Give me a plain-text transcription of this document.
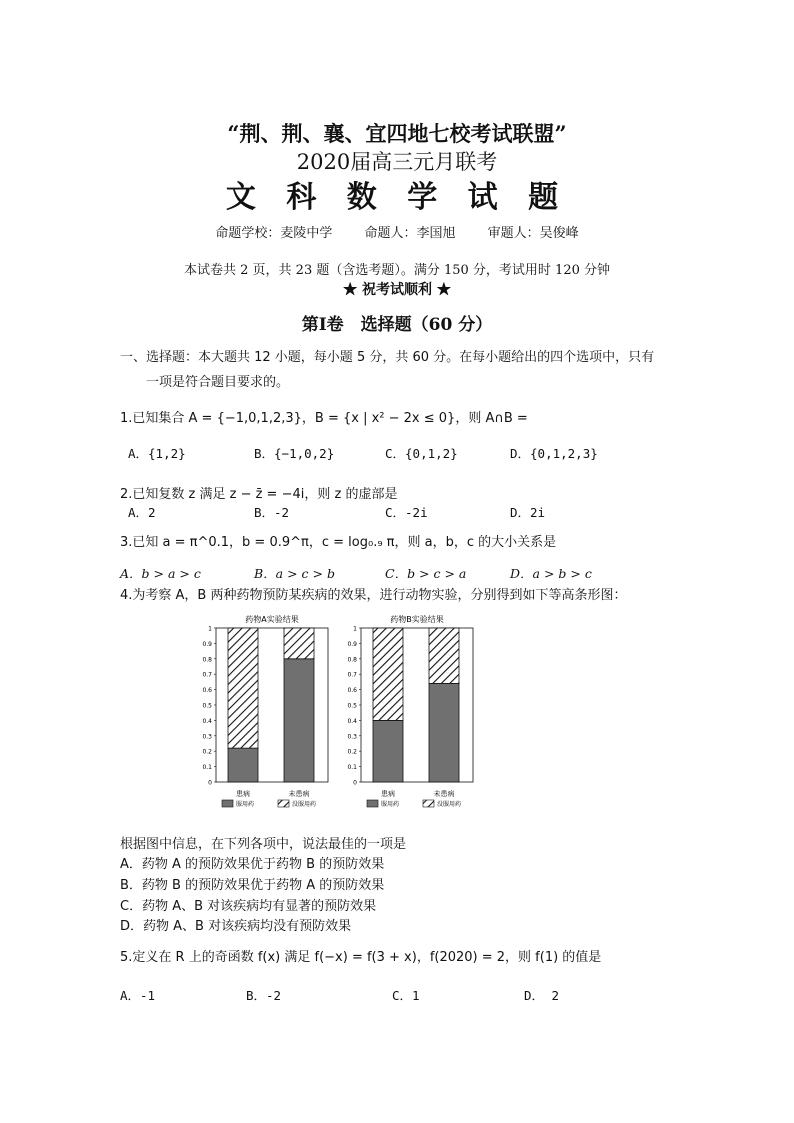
“荆、荆、襄、宜四地七校考试联盟”
2020届高三元月联考
文 科 数 学 试 题
命题学校：麦陵中学 命题人：李国旭 审题人：吴俊峰
本试卷共 2 页，共 23 题（含选考题）。满分 150 分，考试用时 120 分钟
★ 祝考试顺利 ★
第Ⅰ卷　选择题（60 分）
一、选择题：本大题共 12 小题，每小题 5 分，共 60 分。在每小题给出的四个选项中，只有
一项是符合题目要求的。
1.已知集合 A = {−1,0,1,2,3}，B = {x | x² − 2x ≤ 0}，则 A∩B =
A．{1,2}	B．{−1,0,2}	C．{0,1,2}	D．{0,1,2,3}
2.已知复数 z 满足 z − z̄ = −4i，则 z 的虚部是
A．2	B．-2	C．-2i	D．2i
3.已知 a = π^0.1，b = 0.9^π，c = log₀.₉ π，则 a，b，c 的大小关系是
A．b > a > c	B．a > c > b	C．b > c > a	D．a > b > c
4.为考察 A，B 两种药物预防某疾病的效果，进行动物实验，分别得到如下等高条形图：
药物A实验结果
0
0.1
0.2
0.3
0.4
0.5
0.6
0.7
0.8
0.9
1
患病	未患病
服用药	没服用药
药物B实验结果
0
0.1
0.2
0.3
0.4
0.5
0.6
0.7
0.8
0.9
1
患病	未患病
服用药	没服用药
根据图中信息，在下列各项中，说法最佳的一项是
A．药物 A 的预防效果优于药物 B 的预防效果
B．药物 B 的预防效果优于药物 A 的预防效果
C．药物 A、B 对该疾病均有显著的预防效果
D．药物 A、B 对该疾病均没有预防效果
5.定义在 R 上的奇函数 f(x) 满足 f(−x) = f(3 + x)，f(2020) = 2，则 f(1) 的值是
A．-1	B．-2	C．1	D． 2
